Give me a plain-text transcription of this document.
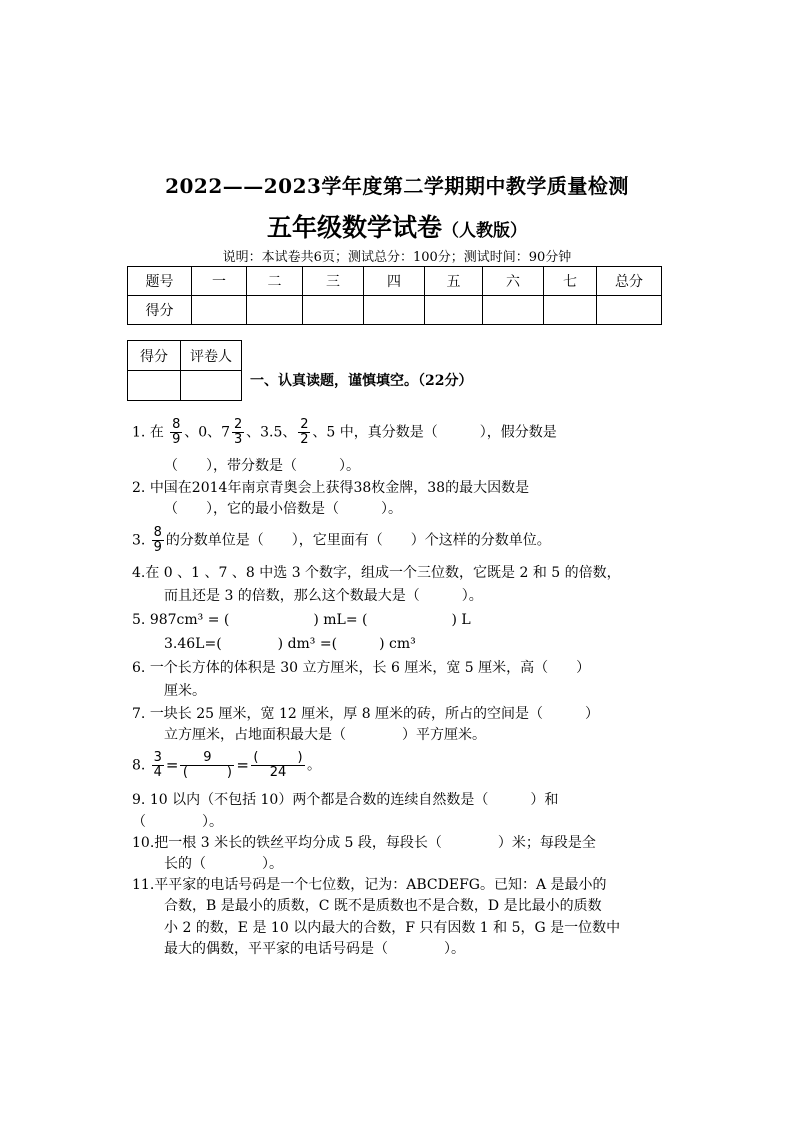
2022——2023学年度第二学期期中教学质量检测
五年级数学试卷（人教版）
说明：本试卷共6页；测试总分：100分；测试时间：90分钟
题号	一	二	三	四	五	六	七	总分
得分								
得分	评卷人

一、认真读题，谨慎填空。（22分）
1. 在 $\frac{8}{9}$ 、0、$7 \frac{2}{3}$ 、3.5、 $\frac{2}{2}$ 、5 中，真分数是（　　　），假分数是
（　　），带分数是（　　　）。
2. 中国在2014年南京青奥会上获得38枚金牌，38的最大因数是
（　　），它的最小倍数是（　　　）。
3. $\frac{8}{9}$ 的分数单位是（　　），它里面有（　　）个这样的分数单位。
4.在 0 、1 、7 、8 中选 3 个数字，组成一个三位数，它既是 2 和 5 的倍数，
而且还是 3 的倍数，那么这个数最大是（　　　）。
5. 987cm³ = (　　　　　　) mL= (　　　　　　) L
3.46L=(　　　　) dm³ =(　　　) cm³
6. 一个长方体的体积是 30 立方厘米，长 6 厘米，宽 5 厘米，高（　　）
厘米。
7. 一块长 25 厘米，宽 12 厘米，厚 8 厘米的砖，所占的空间是（　　　）
立方厘米，占地面积最大是（　　　　）平方厘米。
8. $\frac{3}{4} = \frac{9}{( )} = \frac{( )}{24}$ 。
9. 10 以内（不包括 10）两个都是合数的连续自然数是（　　　）和
（　　　　）。
10.把一根 3 米长的铁丝平均分成 5 段，每段长（　　　　）米；每段是全
长的（　　　　）。
11.平平家的电话号码是一个七位数，记为：ABCDEFG。已知：A 是最小的
合数，B 是最小的质数，C 既不是质数也不是合数，D 是比最小的质数
小 2 的数，E 是 10 以内最大的合数，F 只有因数 1 和 5，G 是一位数中
最大的偶数，平平家的电话号码是（　　　　）。
